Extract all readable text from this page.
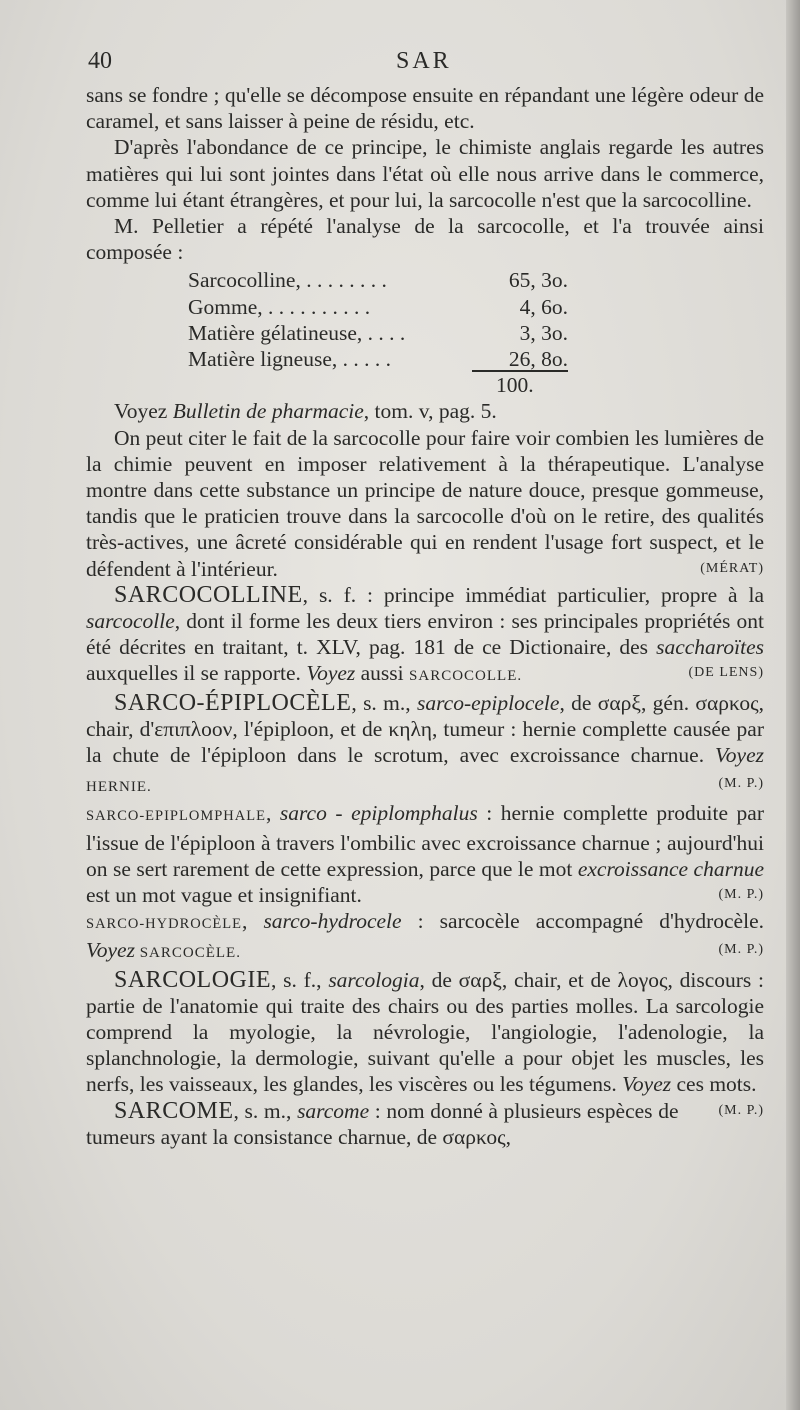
40	SAR

sans se fondre ; qu'elle se décompose ensuite en répandant une légère odeur de caramel, et sans laisser à peine de résidu, etc.

D'après l'abondance de ce principe, le chimiste anglais regarde les autres matières qui lui sont jointes dans l'état où elle nous arrive dans le commerce, comme lui étant étrangères, et pour lui, la sarcocolle n'est que la sarcocolline.

M. Pelletier a répété l'analyse de la sarcocolle, et l'a trouvée ainsi composée :

Sarcocolline, . . . . . . . .	65, 3o.
Gomme, . . . . . . . . . .	4, 6o.
Matière gélatineuse, . . . .	3, 3o.
Matière ligneuse, . . . . .	26, 8o.
100.

Voyez Bulletin de pharmacie, tom. v, pag. 5.

On peut citer le fait de la sarcocolle pour faire voir combien les lumières de la chimie peuvent en imposer relativement à la thérapeutique. L'analyse montre dans cette substance un principe de nature douce, presque gommeuse, tandis que le praticien trouve dans la sarcocolle d'où on le retire, des qualités très-actives, une âcreté considérable qui en rendent l'usage fort suspect, et le défendent à l'intérieur.	(MÉRAT)

SARCOCOLLINE, s. f. : principe immédiat particulier, propre à la sarcocolle, dont il forme les deux tiers environ : ses principales propriétés ont été décrites en traitant, t. XLV, pag. 181 de ce Dictionaire, des saccharoïtes auxquelles il se rapporte. Voyez aussi SARCOCOLLE.	(DE LENS)

SARCO-ÉPIPLOCÈLE, s. m., sarco-epiplocele, de σαρξ, gén. σαρκος, chair, d'επιπλοον, l'épiploon, et de κηλη, tumeur : hernie complette causée par la chute de l'épiploon dans le scrotum, avec excroissance charnue. Voyez HERNIE.	(M. P.)

SARCO-EPIPLOMPHALE, sarco - epiplomphalus : hernie complette produite par l'issue de l'épiploon à travers l'ombilic avec excroissance charnue ; aujourd'hui on se sert rarement de cette expression, parce que le mot excroissance charnue est un mot vague et insignifiant.	(M. P.)

SARCO-HYDROCÈLE, sarco-hydrocele : sarcocèle accompagné d'hydrocèle. Voyez SARCOCÈLE.	(M. P.)

SARCOLOGIE, s. f., sarcologia, de σαρξ, chair, et de λογος, discours : partie de l'anatomie qui traite des chairs ou des parties molles. La sarcologie comprend la myologie, la névrologie, l'angiologie, l'adenologie, la splanchnologie, la dermologie, suivant qu'elle a pour objet les muscles, les nerfs, les vaisseaux, les glandes, les viscères ou les tégumens. Voyez ces mots.
(M. P.)

SARCOME, s. m., sarcome : nom donné à plusieurs espèces de tumeurs ayant la consistance charnue, de σαρκος,
